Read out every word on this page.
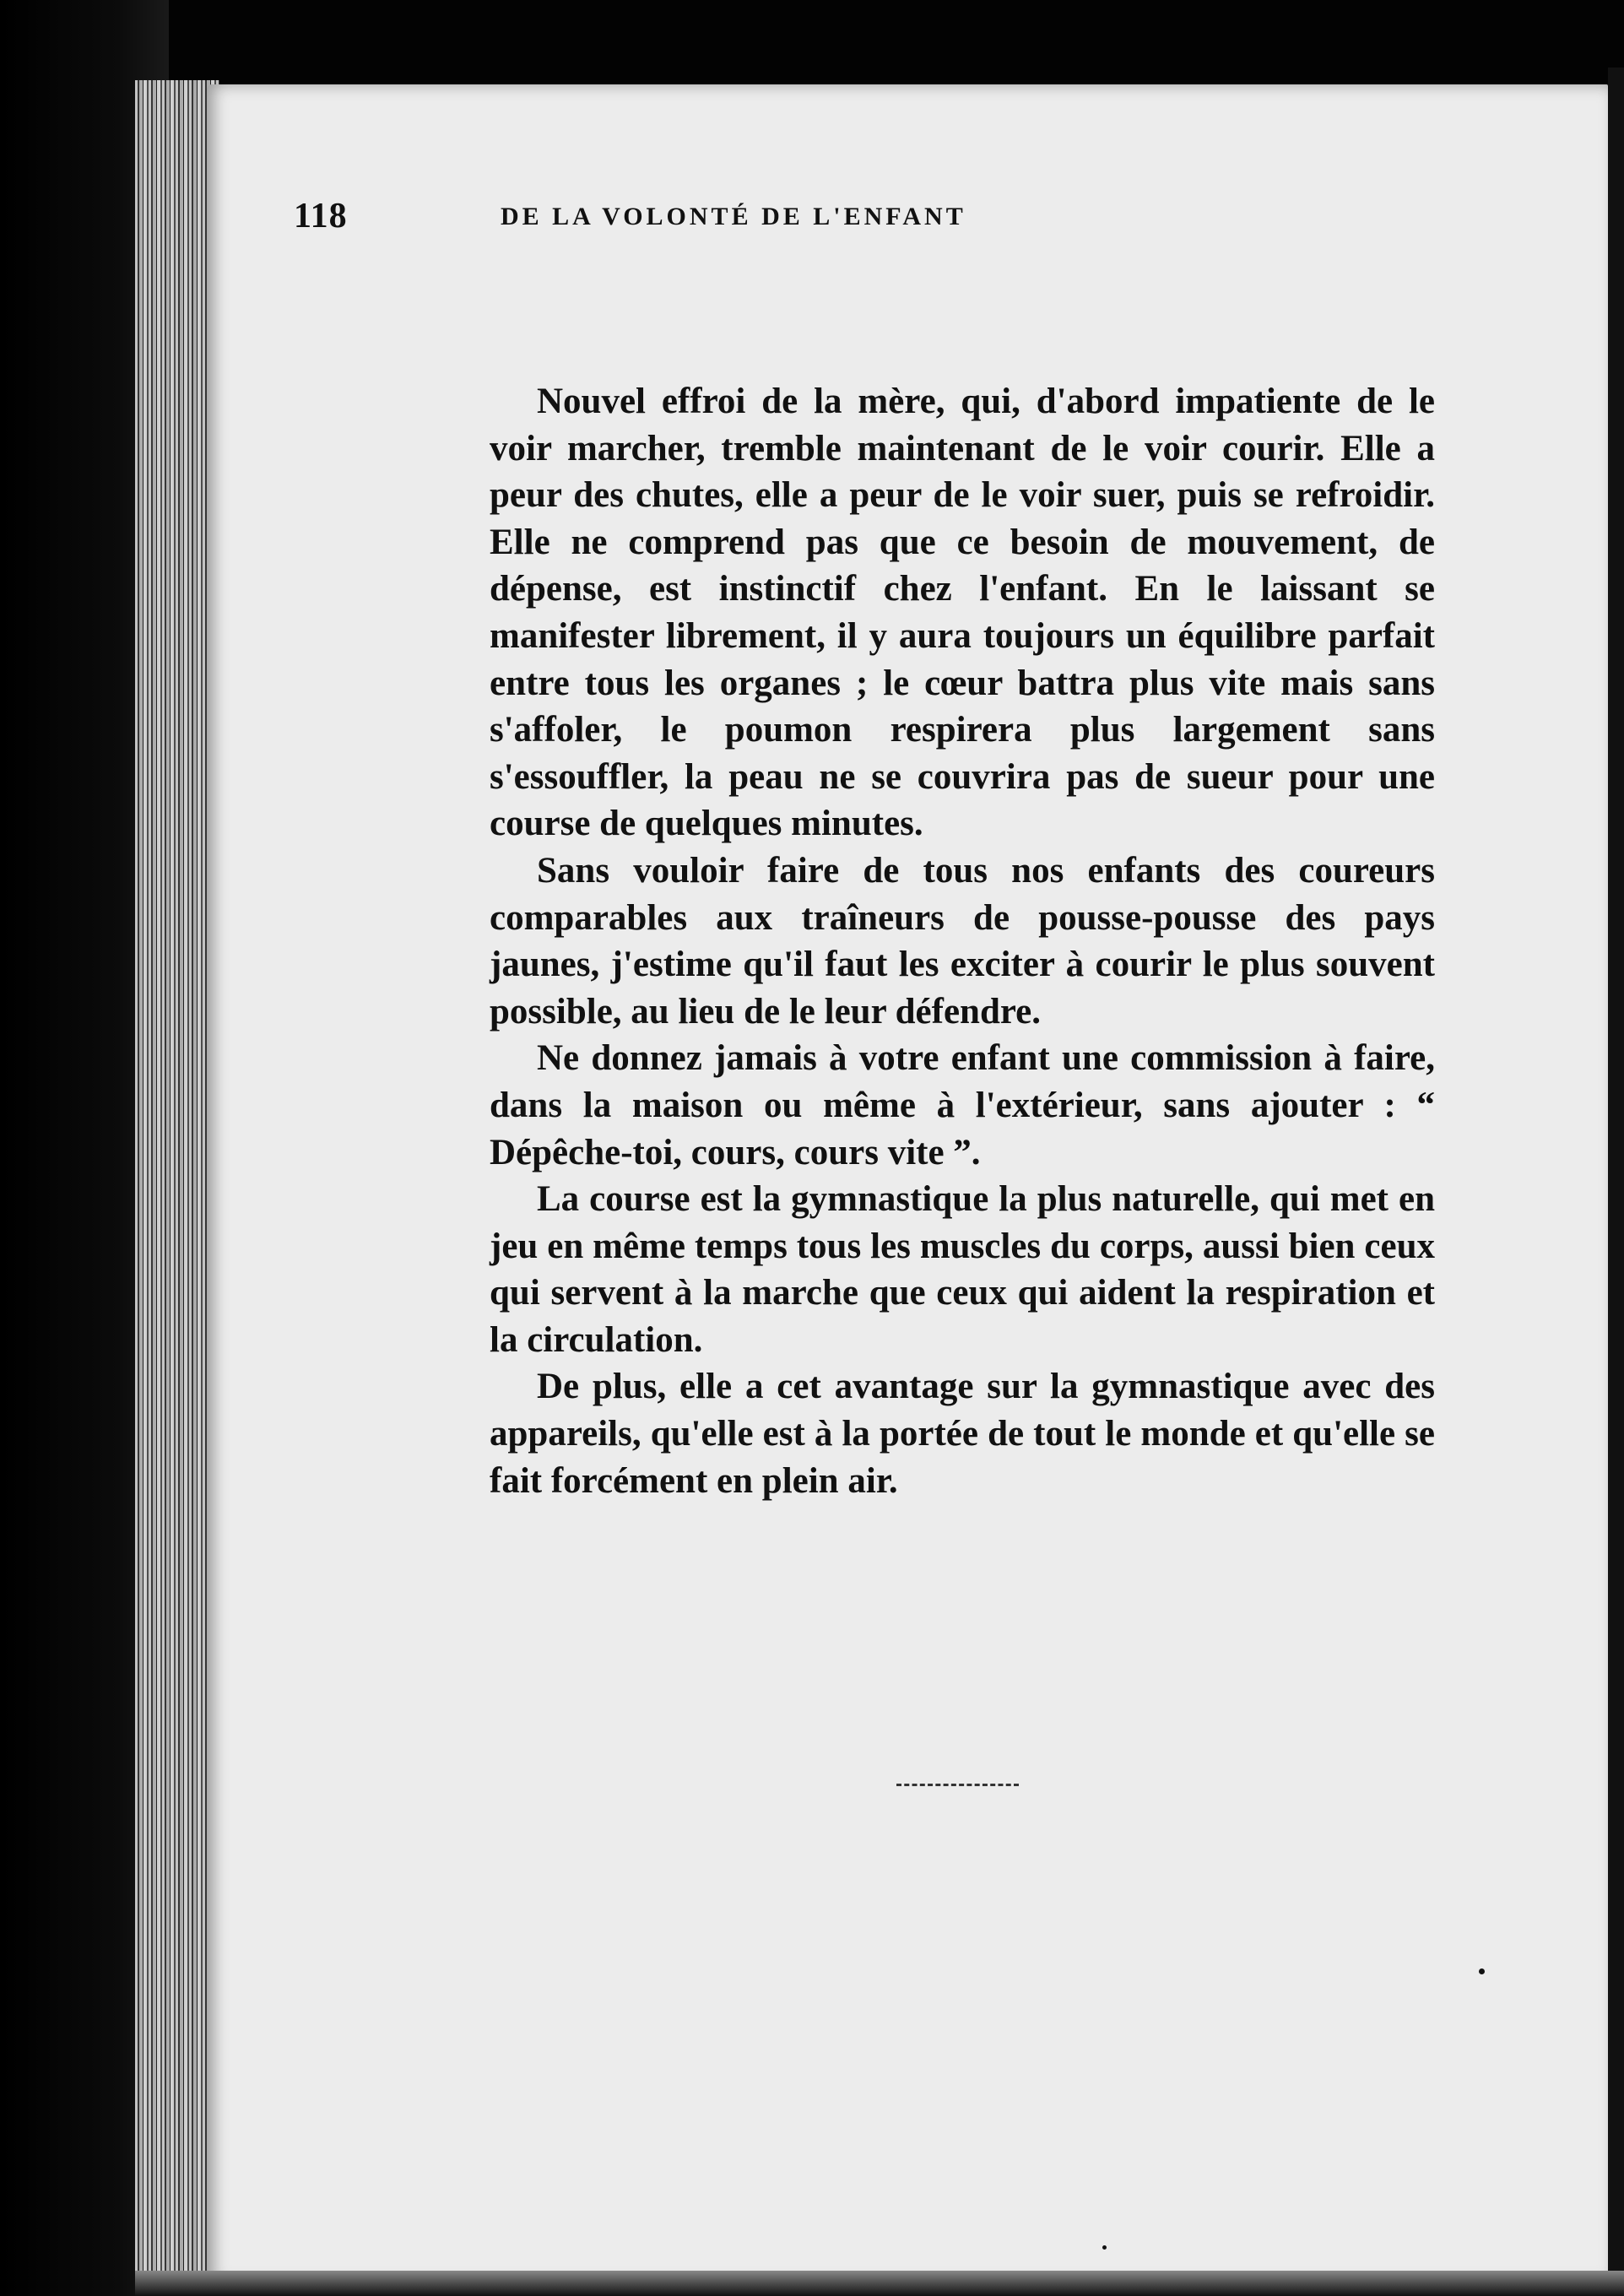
118	DE LA VOLONTÉ DE L'ENFANT

Nouvel effroi de la mère, qui, d'abord impatiente de le voir marcher, tremble maintenant de le voir courir. Elle a peur des chutes, elle a peur de le voir suer, puis se refroidir. Elle ne comprend pas que ce besoin de mouvement, de dépense, est instinctif chez l'enfant. En le laissant se manifester librement, il y aura toujours un équilibre parfait entre tous les organes ; le cœur battra plus vite mais sans s'affoler, le poumon respirera plus largement sans s'essouffler, la peau ne se couvrira pas de sueur pour une course de quelques minutes.

Sans vouloir faire de tous nos enfants des coureurs comparables aux traîneurs de pousse-pousse des pays jaunes, j'estime qu'il faut les exciter à courir le plus souvent possible, au lieu de le leur défendre.

Ne donnez jamais à votre enfant une commission à faire, dans la maison ou même à l'extérieur, sans ajouter : “ Dépêche-toi, cours, cours vite ”.

La course est la gymnastique la plus naturelle, qui met en jeu en même temps tous les muscles du corps, aussi bien ceux qui servent à la marche que ceux qui aident la respiration et la circulation.

De plus, elle a cet avantage sur la gymnastique avec des appareils, qu'elle est à la portée de tout le monde et qu'elle se fait forcément en plein air.
